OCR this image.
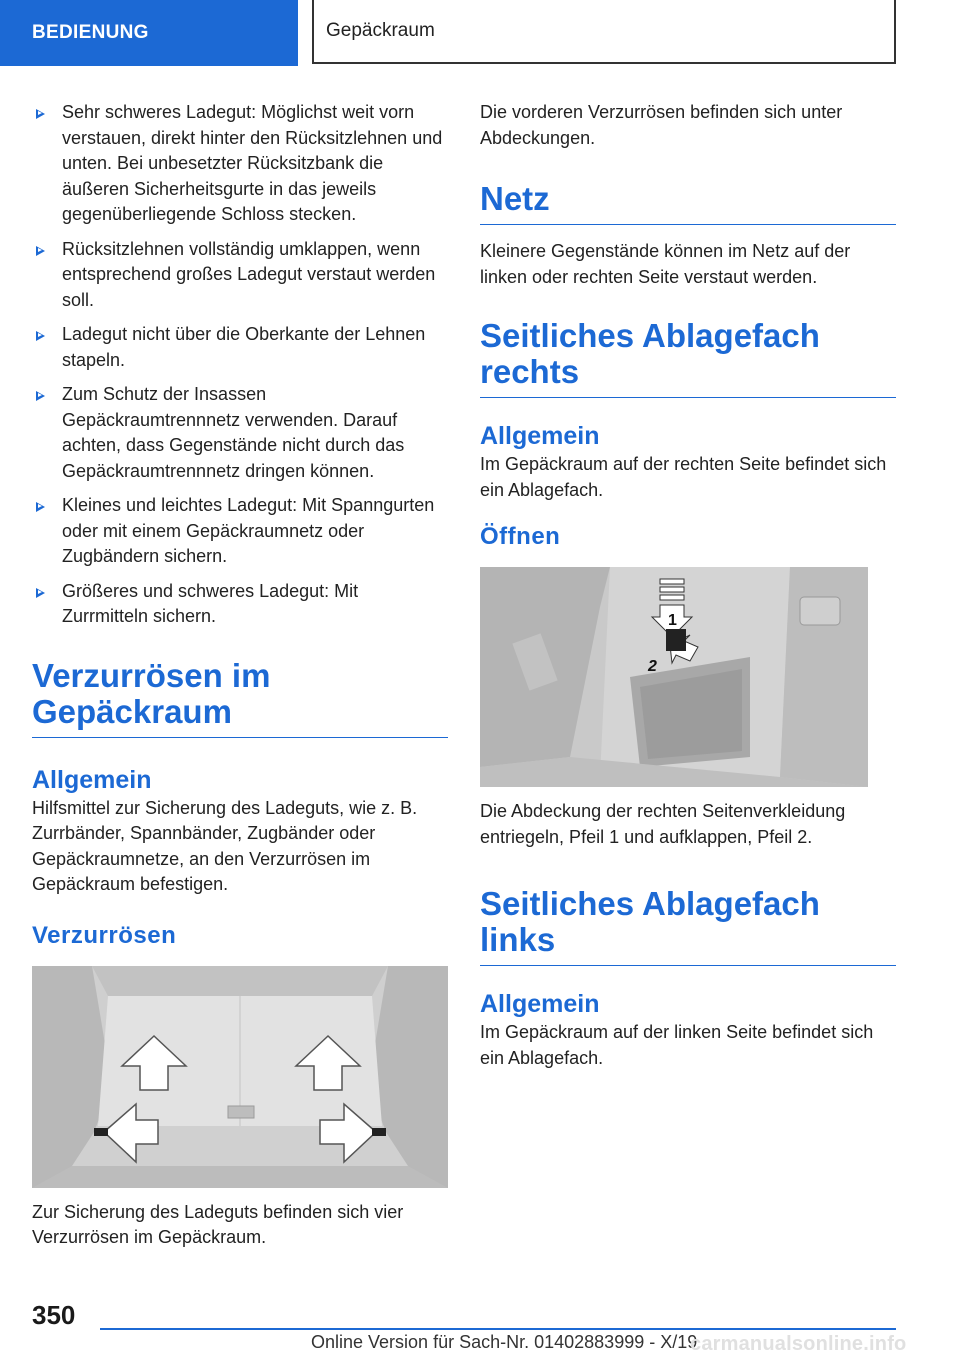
BEDIENUNG	Gepäckraum
Sehr schweres Ladegut: Möglichst weit vorn verstauen, direkt hinter den Rücksitzlehnen und unten. Bei unbesetzter Rücksitzbank die äußeren Sicherheitsgurte in das jeweils gegenüberliegende Schloss stecken.
Rücksitzlehnen vollständig umklappen, wenn entsprechend großes Ladegut verstaut werden soll.
Ladegut nicht über die Oberkante der Lehnen stapeln.
Zum Schutz der Insassen Gepäckraumtrennnetz verwenden. Darauf achten, dass Gegenstände nicht durch das Gepäckraumtrennnetz dringen können.
Kleines und leichtes Ladegut: Mit Spanngurten oder mit einem Gepäckraumnetz oder Zugbändern sichern.
Größeres und schweres Ladegut: Mit Zurrmitteln sichern.
Verzurrösen im Gepäckraum
Allgemein

Hilfsmittel zur Sicherung des Ladeguts, wie z. B. Zurrbänder, Spannbänder, Zugbänder oder Gepäckraumnetze, an den Verzurrösen im Gepäckraum befestigen.

Verzurrösen

Zur Sicherung des Ladeguts befinden sich vier Verzurrösen im Gepäckraum.

Die vorderen Verzurrösen befinden sich unter Abdeckungen.

Netz

Kleinere Gegenstände können im Netz auf der linken oder rechten Seite verstaut werden.

Seitliches Ablagefach rechts
Allgemein

Im Gepäckraum auf der rechten Seite befindet sich ein Ablagefach.

Öffnen
1
2

Die Abdeckung der rechten Seitenverkleidung entriegeln, Pfeil 1 und aufklappen, Pfeil 2.

Seitliches Ablagefach links
Allgemein

Im Gepäckraum auf der linken Seite befindet sich ein Ablagefach.

350
Online Version für Sach-Nr. 01402883999 - X/19
carmanualsonline.info
